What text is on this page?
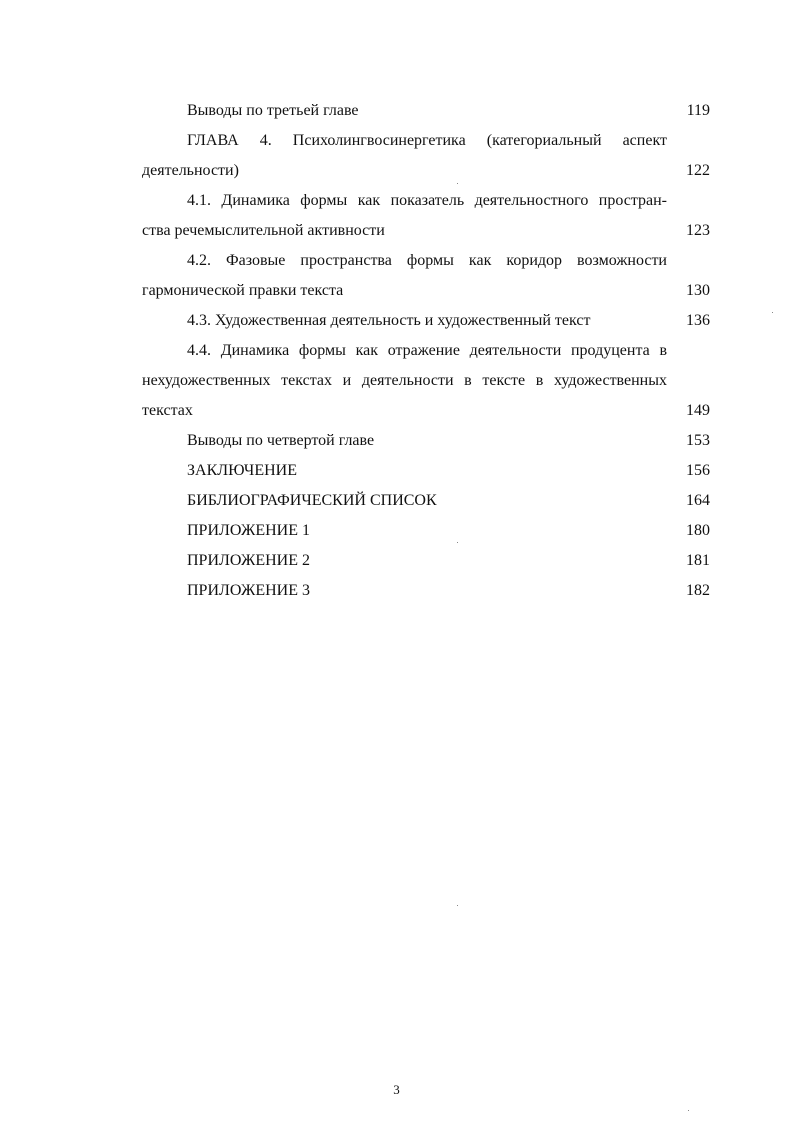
Выводы по третьей главе	119
ГЛАВА 4. Психолингвосинергетика (категориальный аспект
деятельности)	122
4.1. Динамика формы как показатель деятельностного простран-
ства речемыслительной активности	123
4.2. Фазовые пространства формы как коридор возможности
гармонической правки текста	130
4.3. Художественная деятельность и художественный текст	136
4.4. Динамика формы как отражение деятельности продуцента в
нехудожественных текстах и деятельности в тексте в художественных
текстах	149
Выводы по четвертой главе	153
ЗАКЛЮЧЕНИЕ	156
БИБЛИОГРАФИЧЕСКИЙ СПИСОК	164
ПРИЛОЖЕНИЕ 1	180
ПРИЛОЖЕНИЕ 2	181
ПРИЛОЖЕНИЕ 3	182
3
